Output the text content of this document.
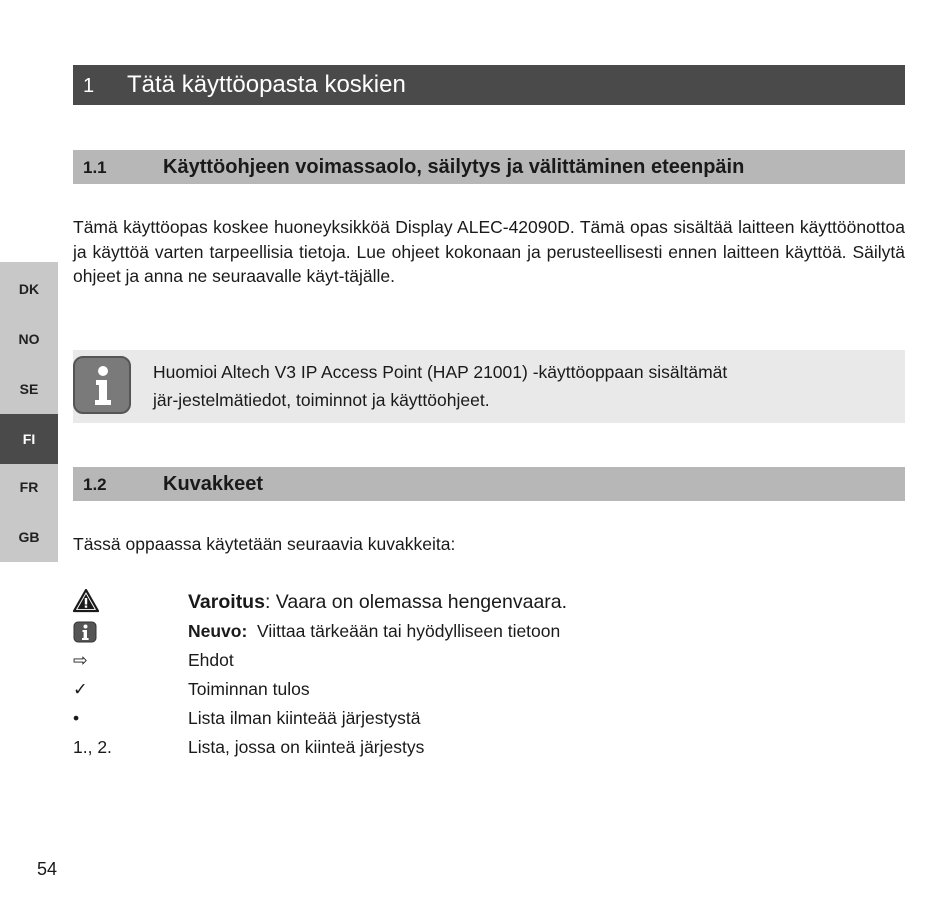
DK
NO
SE
FI
FR
GB
1 Tätä käyttöopasta koskien
1.1	Käyttöohjeen voimassaolo, säilytys ja välittäminen eteenpäin

Tämä käyttöopas koskee huoneyksikköä Display ALEC-42090D. Tämä opas sisältää laitteen käyttöönottoa ja käyttöä varten tarpeellisia tietoja. Lue ohjeet kokonaan ja perusteellisesti ennen laitteen käyttöä. Säilytä ohjeet ja anna ne seuraavalle käyt-täjälle.

Huomioi Altech V3 IP Access Point (HAP 21001) -käyttöoppaan sisältämät
jär-jestelmätiedot, toiminnot ja käyttöohjeet.
1.2	Kuvakkeet

Tässä oppaassa käytetään seuraavia kuvakkeita:

Varoitus: Vaara on olemassa hengenvaara.
Neuvo:  Viittaa tärkeään tai hyödylliseen tietoon
⇨	Ehdot
✓	Toiminnan tulos
•	Lista ilman kiinteää järjestystä
1., 2.	Lista, jossa on kiinteä järjestys
54
